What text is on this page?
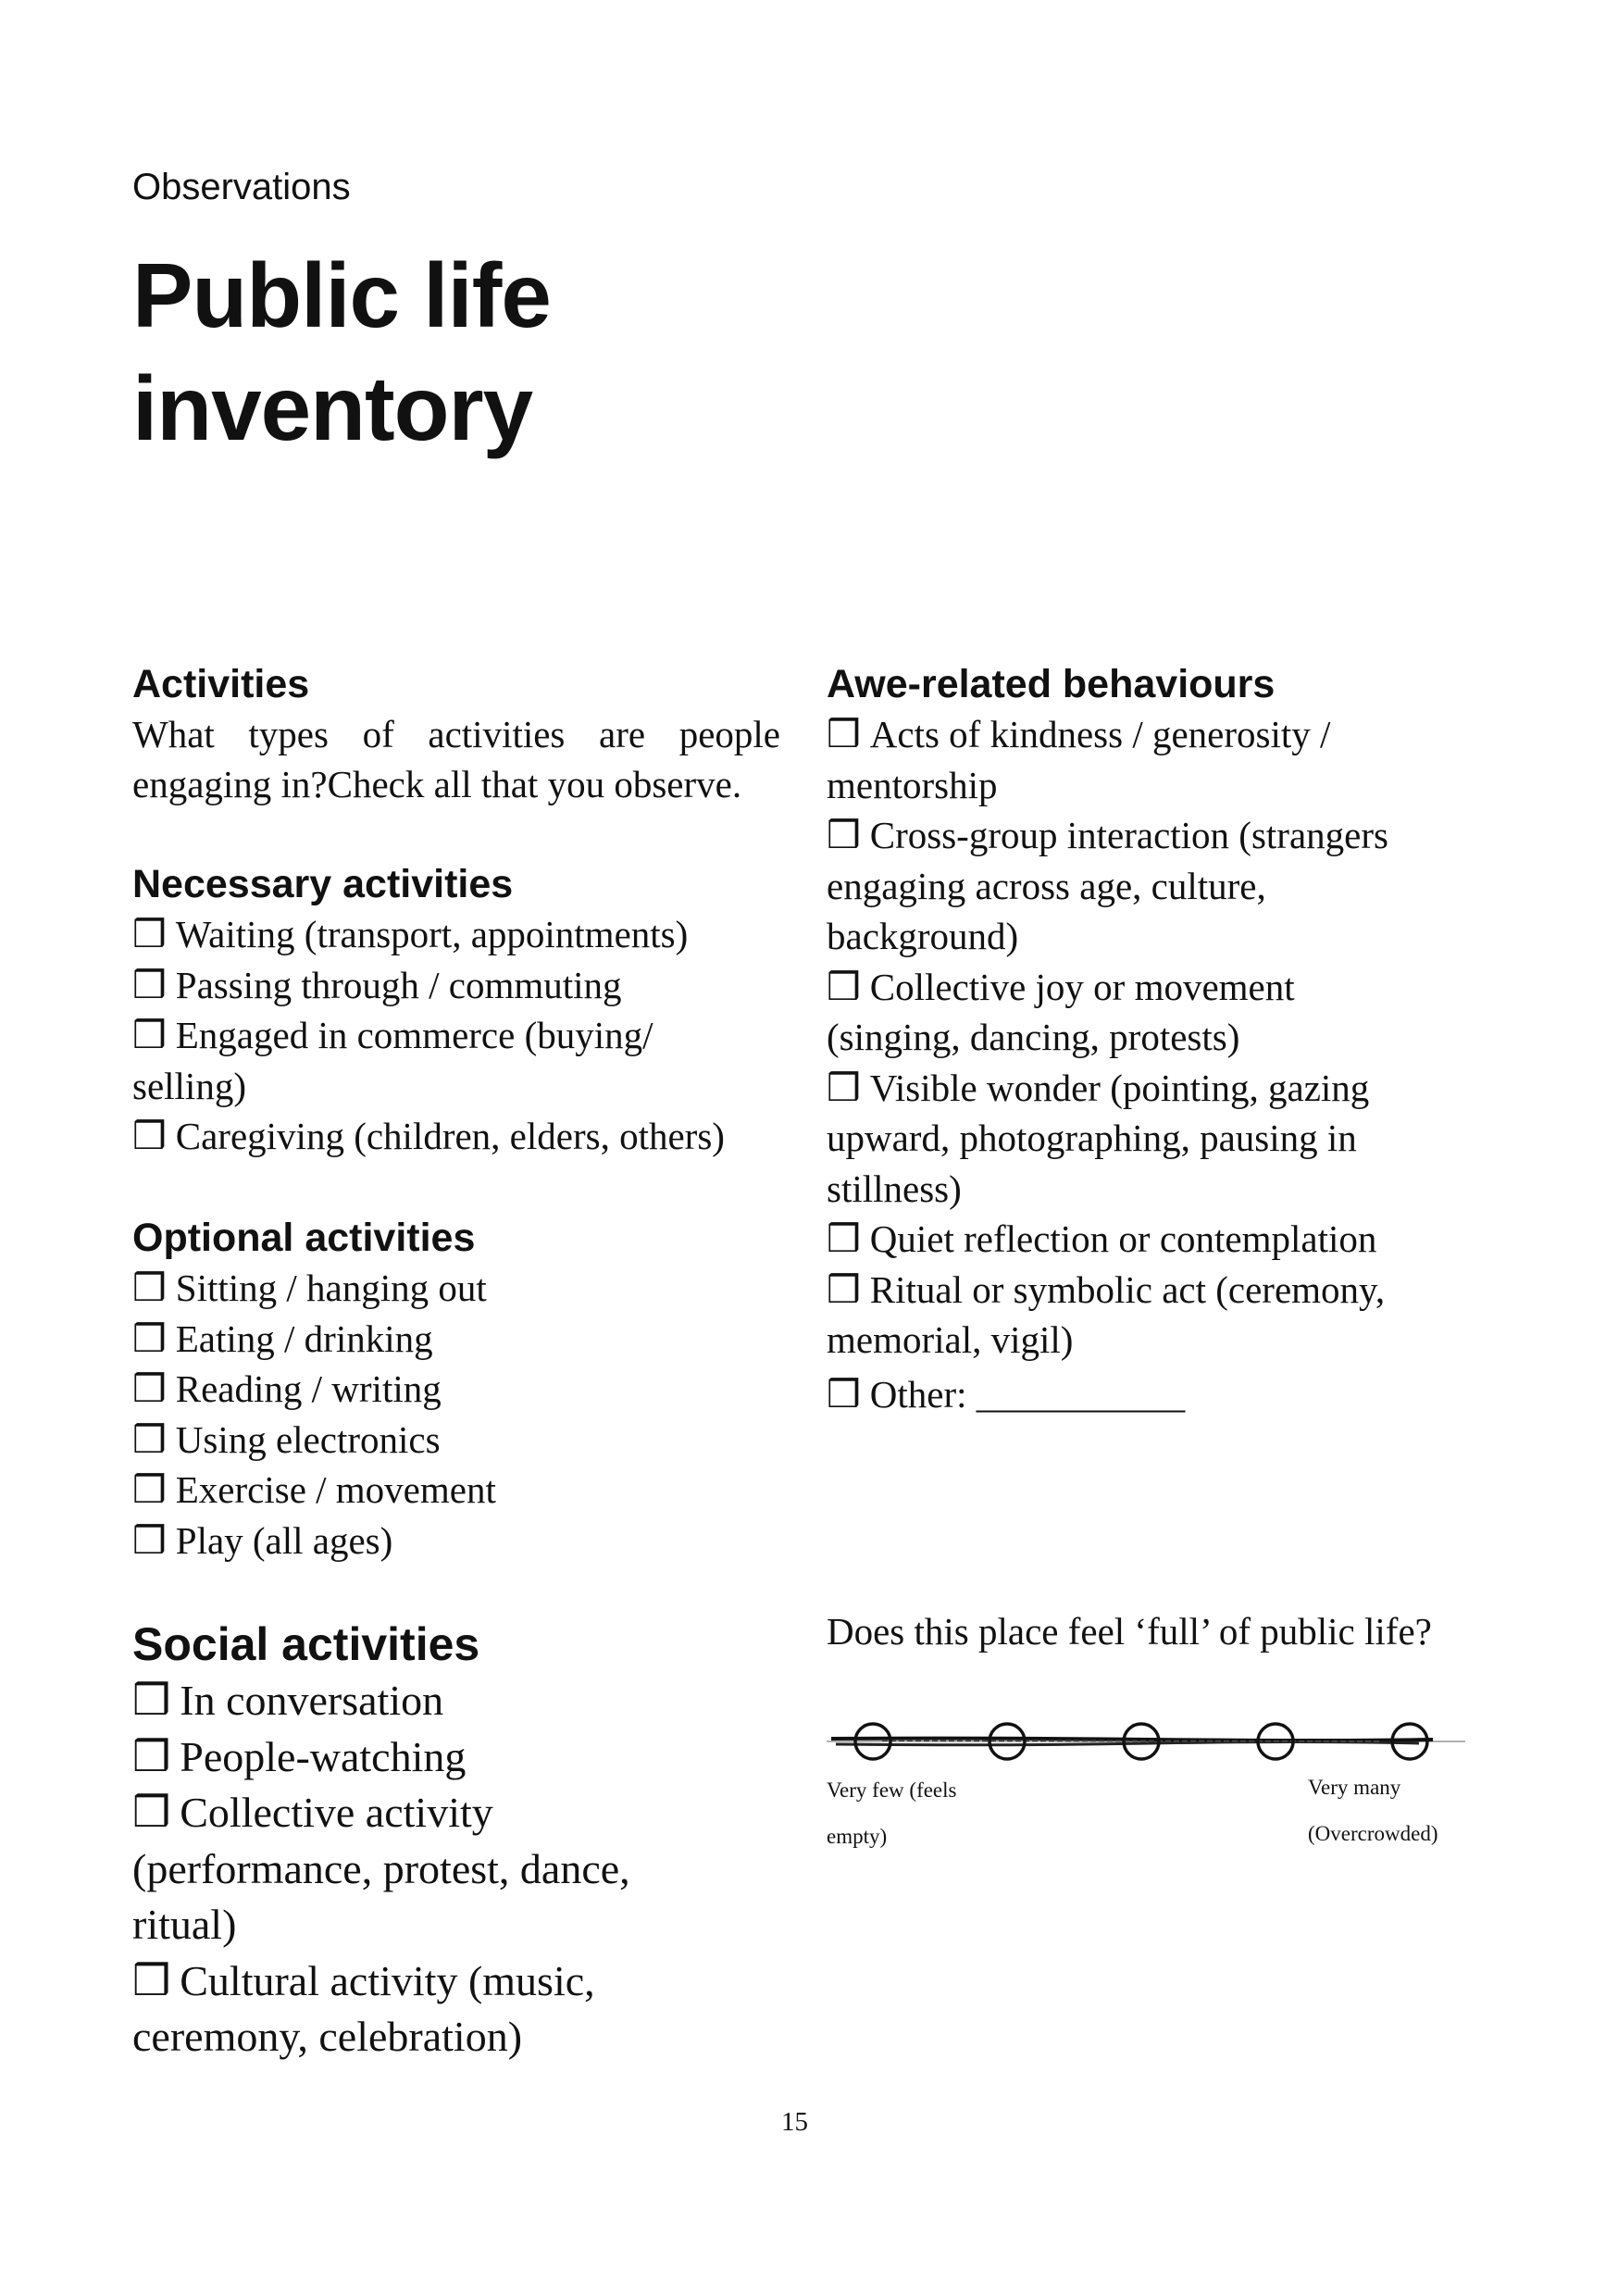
Observations
Public life
inventory
Activities

What types of activities are people
engaging in?Check all that you observe.

Necessary activities
❒ Waiting (transport, appointments)
❒ Passing through / commuting
❒ Engaged in commerce (buying/
selling)
❒ Caregiving (children, elders, others)
Optional activities
❒ Sitting / hanging out
❒ Eating / drinking
❒ Reading / writing
❒ Using electronics
❒ Exercise / movement
❒ Play (all ages)
Social activities
❒ In conversation
❒ People-watching
❒ Collective activity
(performance, protest, dance,
ritual)
❒ Cultural activity (music,
ceremony, celebration)
Awe-related behaviours
❒ Acts of kindness / generosity /
mentorship
❒ Cross-group interaction (strangers
engaging across age, culture,
background)
❒ Collective joy or movement
(singing, dancing, protests)
❒ Visible wonder (pointing, gazing
upward, photographing, pausing in
stillness)
❒ Quiet reflection or contemplation
❒ Ritual or symbolic act (ceremony,
memorial, vigil)
❒ Other: ___________
Does this place feel ‘full’ of public life?
Very few (feels
empty)
Very many
(Overcrowded)
15
